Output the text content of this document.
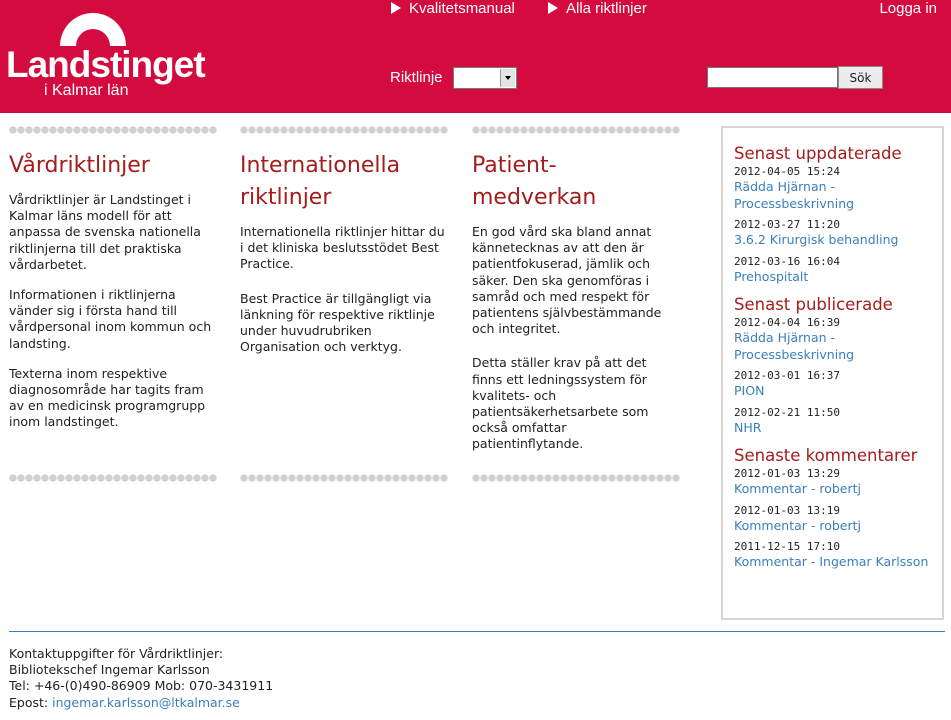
Landstinget
i Kalmar län
Kvalitetsmanual	Alla riktlinjer	Logga in
Riktlinje	Sök
Vårdriktlinjer

Vårdriktlinjer är Landstinget i Kalmar läns modell för att anpassa de svenska nationella riktlinjerna till det praktiska vårdarbetet.

Informationen i riktlinjerna vänder sig i första hand till vårdpersonal inom kommun och landsting.

Texterna inom respektive diagnosområde har tagits fram av en medicinsk programgrupp inom landstinget.

Internationella riktlinjer

Internationella riktlinjer hittar du i det kliniska beslutsstödet Best Practice.

Best Practice är tillgängligt via länkning för respektive riktlinje under huvudrubriken Organisation och verktyg.

Patient-medverkan

En god vård ska bland annat kännetecknas av att den är patientfokuserad, jämlik och säker. Den ska genomföras i samråd och med respekt för patientens självbestämmande och integritet.

Detta ställer krav på att det finns ett ledningssystem för kvalitets- och patientsäkerhetsarbete som också omfattar patientinflytande.

Senast uppdaterade
2012-04-05 15:24
Rädda Hjärnan - Processbeskrivning
2012-03-27 11:20
3.6.2 Kirurgisk behandling
2012-03-16 16:04
Prehospitalt
Senast publicerade
2012-04-04 16:39
Rädda Hjärnan - Processbeskrivning
2012-03-01 16:37
PION
2012-02-21 11:50
NHR
Senaste kommentarer
2012-01-03 13:29
Kommentar - robertj
2012-01-03 13:19
Kommentar - robertj
2011-12-15 17:10
Kommentar - Ingemar Karlsson
Kontaktuppgifter för Vårdriktlinjer:
Bibliotekschef Ingemar Karlsson
Tel: +46-(0)490-86909 Mob: 070-3431911
Epost: ingemar.karlsson@ltkalmar.se
